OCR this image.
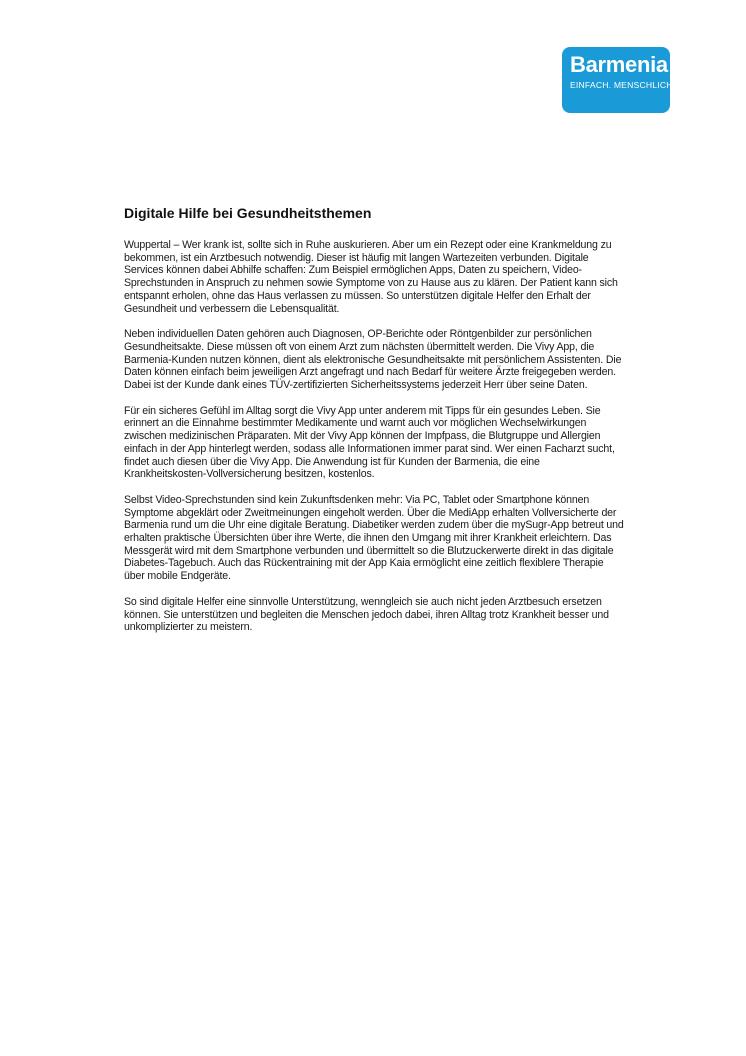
Barmenia
EINFACH. MENSCHLICH.
Digitale Hilfe bei Gesundheitsthemen

Wuppertal – Wer krank ist, sollte sich in Ruhe auskurieren. Aber um ein Rezept oder eine Krankmeldung zu
bekommen, ist ein Arztbesuch notwendig. Dieser ist häufig mit langen Wartezeiten verbunden. Digitale
Services können dabei Abhilfe schaffen: Zum Beispiel ermöglichen Apps, Daten zu speichern, Video-
Sprechstunden in Anspruch zu nehmen sowie Symptome von zu Hause aus zu klären. Der Patient kann sich
entspannt erholen, ohne das Haus verlassen zu müssen. So unterstützen digitale Helfer den Erhalt der
Gesundheit und verbessern die Lebensqualität.

Neben individuellen Daten gehören auch Diagnosen, OP-Berichte oder Röntgenbilder zur persönlichen
Gesundheitsakte. Diese müssen oft von einem Arzt zum nächsten übermittelt werden. Die Vivy App, die
Barmenia-Kunden nutzen können, dient als elektronische Gesundheitsakte mit persönlichem Assistenten. Die
Daten können einfach beim jeweiligen Arzt angefragt und nach Bedarf für weitere Ärzte freigegeben werden.
Dabei ist der Kunde dank eines TÜV-zertifizierten Sicherheitssystems jederzeit Herr über seine Daten.

Für ein sicheres Gefühl im Alltag sorgt die Vivy App unter anderem mit Tipps für ein gesundes Leben. Sie
erinnert an die Einnahme bestimmter Medikamente und warnt auch vor möglichen Wechselwirkungen
zwischen medizinischen Präparaten. Mit der Vivy App können der Impfpass, die Blutgruppe und Allergien
einfach in der App hinterlegt werden, sodass alle Informationen immer parat sind. Wer einen Facharzt sucht,
findet auch diesen über die Vivy App. Die Anwendung ist für Kunden der Barmenia, die eine
Krankheitskosten-Vollversicherung besitzen, kostenlos.

Selbst Video-Sprechstunden sind kein Zukunftsdenken mehr: Via PC, Tablet oder Smartphone können
Symptome abgeklärt oder Zweitmeinungen eingeholt werden. Über die MediApp erhalten Vollversicherte der
Barmenia rund um die Uhr eine digitale Beratung. Diabetiker werden zudem über die mySugr-App betreut und
erhalten praktische Übersichten über ihre Werte, die ihnen den Umgang mit ihrer Krankheit erleichtern. Das
Messgerät wird mit dem Smartphone verbunden und übermittelt so die Blutzuckerwerte direkt in das digitale
Diabetes-Tagebuch. Auch das Rückentraining mit der App Kaia ermöglicht eine zeitlich flexiblere Therapie
über mobile Endgeräte.

So sind digitale Helfer eine sinnvolle Unterstützung, wenngleich sie auch nicht jeden Arztbesuch ersetzen
können. Sie unterstützen und begleiten die Menschen jedoch dabei, ihren Alltag trotz Krankheit besser und
unkomplizierter zu meistern.
